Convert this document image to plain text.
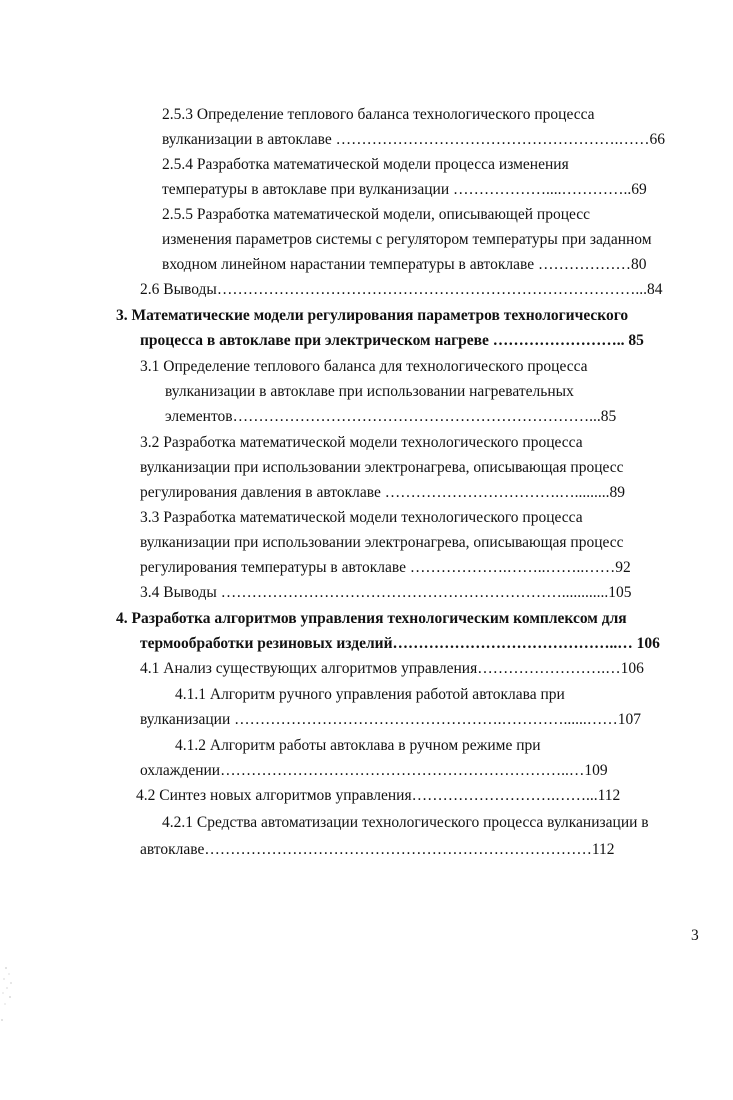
2.5.3 Определение теплового баланса технологического процесса
вулканизации в автоклаве ……………………………………………….……66
2.5.4 Разработка математической модели процесса изменения
температуры в автоклаве при вулканизации ………………....…………..69
2.5.5 Разработка математической модели, описывающей процесс
изменения параметров системы с регулятором температуры при заданном
входном линейном нарастании температуры в автоклаве ………………80
2.6 Выводы………………………………………………………………………...84
3. Математические модели регулирования параметров технологического
процесса в автоклаве при электрическом нагреве …………………….. 85
3.1 Определение теплового баланса для технологического процесса
вулканизации в автоклаве при использовании нагревательных
элементов……………………………………………………………...85
3.2 Разработка математической модели технологического процесса
вулканизации при использовании электронагрева, описывающая процесс
регулирования давления в автоклаве …………………………….….........89
3.3 Разработка математической модели технологического процесса
вулканизации при использовании электронагрева, описывающая процесс
регулирования температуры в автоклаве ……………….……..……..……92
3.4 Выводы …………………………………………………………............105
4. Разработка алгоритмов управления технологическим комплексом для
термообработки резиновых изделий……………………………………..… 106
4.1 Анализ существующих алгоритмов управления…………………….…106
4.1.1 Алгоритм ручного управления работой автоклава при
вулканизации …………………………………………….…………......……107
4.1.2 Алгоритм работы автоклава в ручном режиме при
охлаждении…………………………………………………………..…109
4.2 Синтез новых алгоритмов управления……………………….……...112
4.2.1 Средства автоматизации технологического процесса вулканизации в
автоклаве…………………………………………………………………112
3
